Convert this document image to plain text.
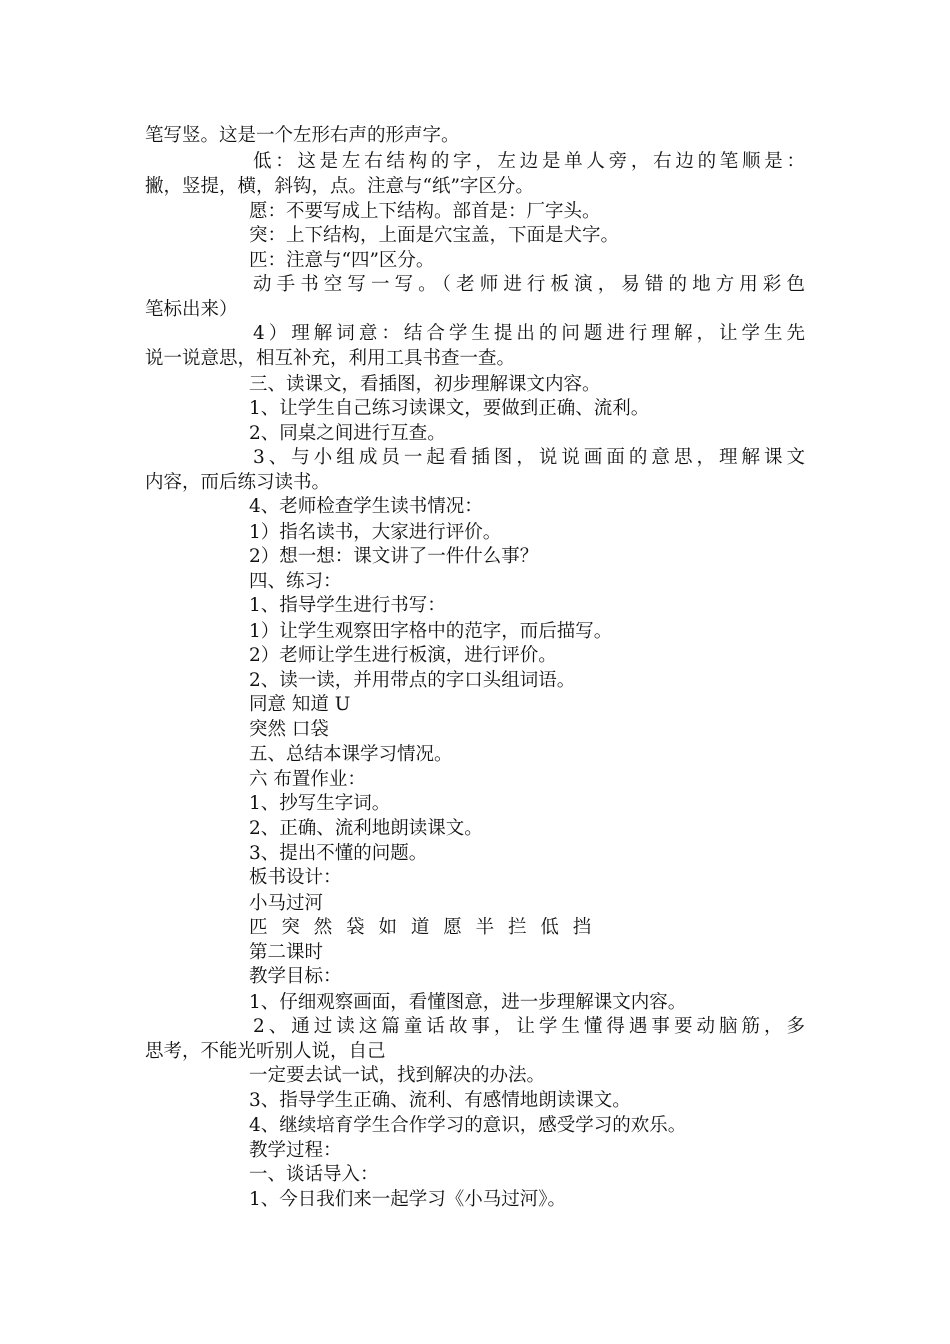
笔写竖。这是一个左形右声的形声字。
低：这是左右结构的字，左边是单人旁，右边的笔顺是：
撇，竖提，横，斜钩，点。注意与“纸”字区分。
愿：不要写成上下结构。部首是：厂字头。
突：上下结构，上面是穴宝盖，下面是犬字。
匹：注意与“四”区分。
动手书空写一写。（老师进行板演，易错的地方用彩色
笔标出来）
4）理解词意：结合学生提出的问题进行理解，让学生先
说一说意思，相互补充，利用工具书查一查。
三、读课文，看插图，初步理解课文内容。
1、让学生自己练习读课文，要做到正确、流利。
2、同桌之间进行互查。
3、与小组成员一起看插图，说说画面的意思，理解课文
内容，而后练习读书。
4、老师检查学生读书情况：
1）指名读书，大家进行评价。
2）想一想：课文讲了一件什么事？
四、练习：
1、指导学生进行书写：
1）让学生观察田字格中的范字，而后描写。
2）老师让学生进行板演，进行评价。
2、读一读，并用带点的字口头组词语。
同意 知道 U
突然 口袋
五、总结本课学习情况。
六 布置作业：
1、抄写生字词。
2、正确、流利地朗读课文。
3、提出不懂的问题。
板书设计：
小马过河
匹 突 然 袋 如 道 愿 半 拦 低 挡
第二课时
教学目标：
1、仔细观察画面，看懂图意，进一步理解课文内容。
2、通过读这篇童话故事，让学生懂得遇事要动脑筋，多
思考，不能光听别人说，自己
一定要去试一试，找到解决的办法。
3、指导学生正确、流利、有感情地朗读课文。
4、继续培育学生合作学习的意识，感受学习的欢乐。
教学过程：
一、谈话导入：
1、今日我们来一起学习《小马过河》。
